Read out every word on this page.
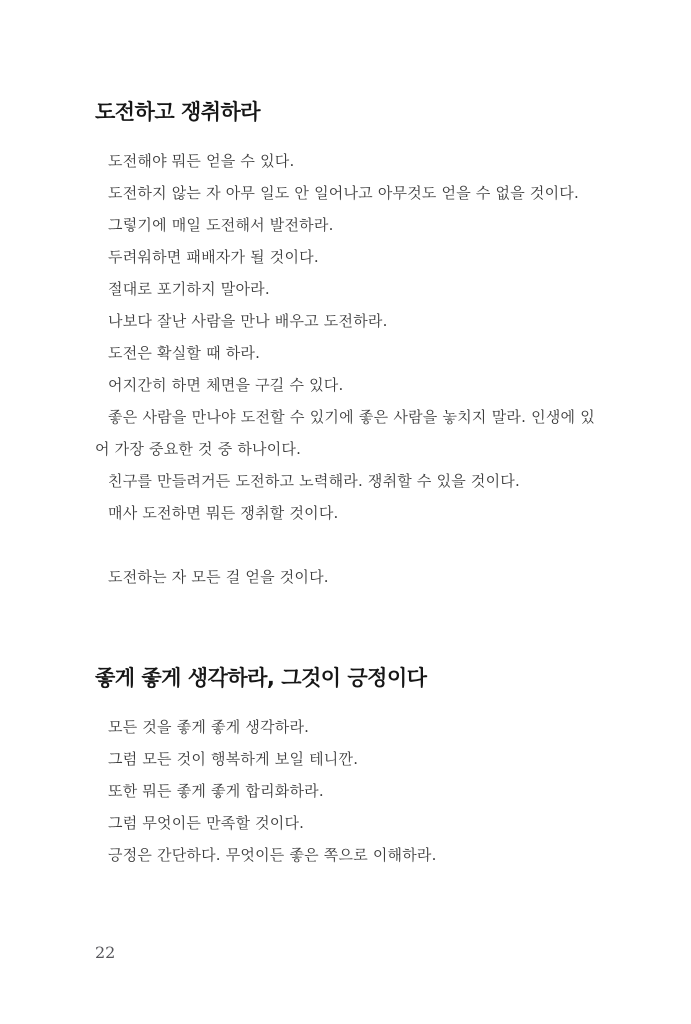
도전하고 쟁취하라

도전해야 뭐든 얻을 수 있다.

도전하지 않는 자 아무 일도 안 일어나고 아무것도 얻을 수 없을 것이다.

그렇기에 매일 도전해서 발전하라.

두려워하면 패배자가 될 것이다.

절대로 포기하지 말아라.

나보다 잘난 사람을 만나 배우고 도전하라.

도전은 확실할 때 하라.

어지간히 하면 체면을 구길 수 있다.

좋은 사람을 만나야 도전할 수 있기에 좋은 사람을 놓치지 말라. 인생에 있어 가장 중요한 것 중 하나이다.

친구를 만들려거든 도전하고 노력해라. 쟁취할 수 있을 것이다.

매사 도전하면 뭐든 쟁취할 것이다.

도전하는 자 모든 걸 얻을 것이다.

좋게 좋게 생각하라, 그것이 긍정이다

모든 것을 좋게 좋게 생각하라.

그럼 모든 것이 행복하게 보일 테니깐.

또한 뭐든 좋게 좋게 합리화하라.

그럼 무엇이든 만족할 것이다.

긍정은 간단하다. 무엇이든 좋은 쪽으로 이해하라.

22
